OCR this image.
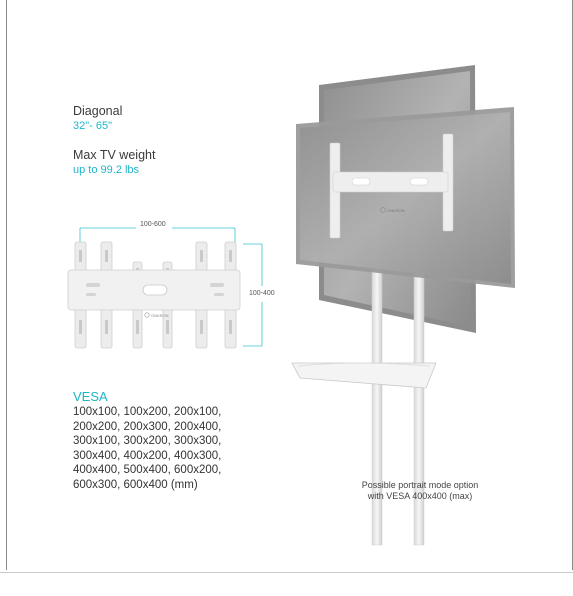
Diagonal
32"- 65"
Max TV weight
up to 99.2 lbs
ONKRON
ONKRON
100-600
100-400
VESA
100x100, 100x200, 200x100,
200x200, 200x300, 200x400,
300x100, 300x200, 300x300,
300x400, 400x200, 400x300,
400x400, 500x400, 600x200,
600x300, 600x400 (mm)	Possible portrait mode option
with VESA 400x400 (max)
